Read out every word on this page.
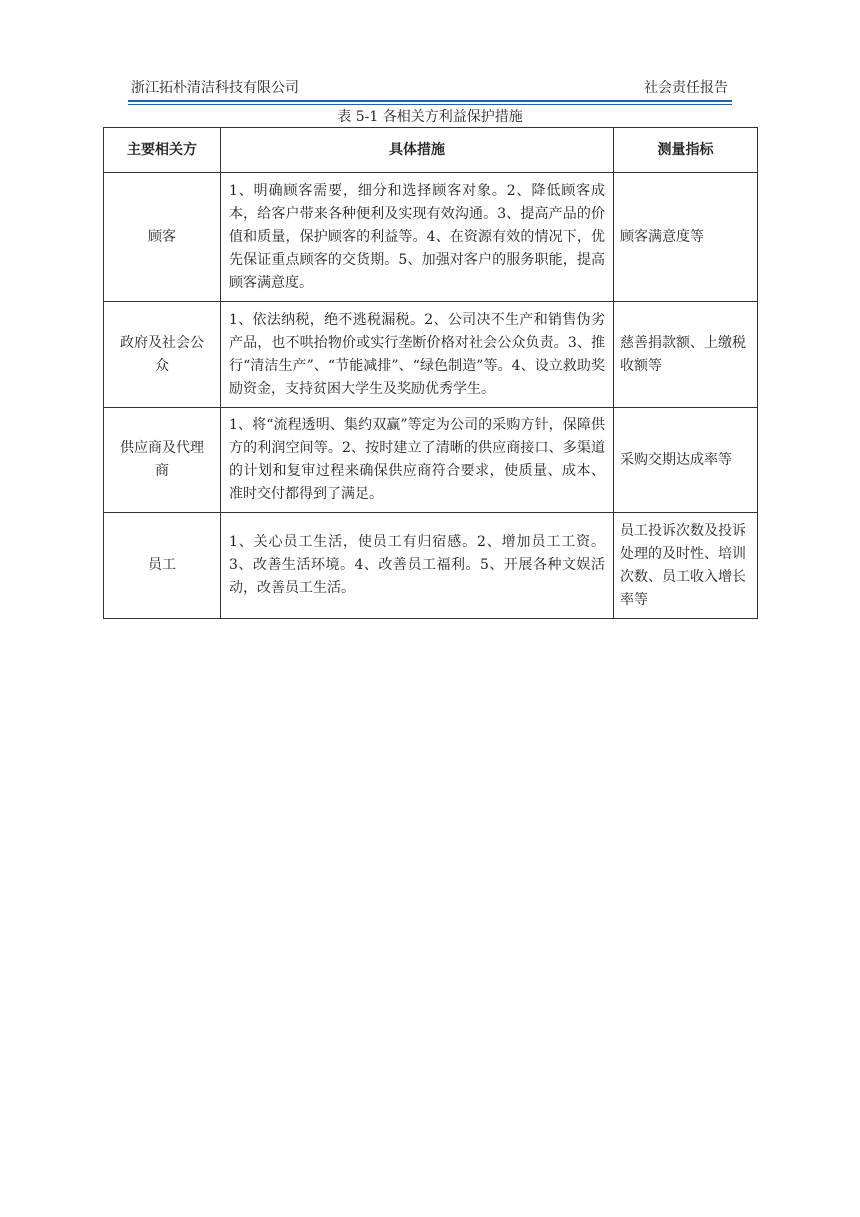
浙江拓朴清洁科技有限公司	社会责任报告
表 5-1 各相关方利益保护措施
主要相关方	具体措施	测量指标
顾客	1、明确顾客需要，细分和选择顾客对象。2、降低顾客成本，给客户带来各种便利及实现有效沟通。3、提高产品的价值和质量，保护顾客的利益等。4、在资源有效的情况下，优先保证重点顾客的交货期。5、加强对客户的服务职能，提高顾客满意度。	顾客满意度等
政府及社会公众	1、依法纳税，绝不逃税漏税。2、公司决不生产和销售伪劣产品，也不哄抬物价或实行垄断价格对社会公众负责。3、推行“清洁生产”、“节能减排”、“绿色制造”等。4、设立救助奖励资金，支持贫困大学生及奖励优秀学生。	慈善捐款额、上缴税收额等
供应商及代理商	1、将“流程透明、集约双赢”等定为公司的采购方针，保障供方的利润空间等。2、按时建立了清晰的供应商接口、多渠道的计划和复审过程来确保供应商符合要求，使质量、成本、准时交付都得到了满足。	采购交期达成率等
员工	1、关心员工生活，使员工有归宿感。2、增加员工工资。3、改善生活环境。4、改善员工福利。5、开展各种文娱活动，改善员工生活。	员工投诉次数及投诉处理的及时性、培训次数、员工收入增长率等
